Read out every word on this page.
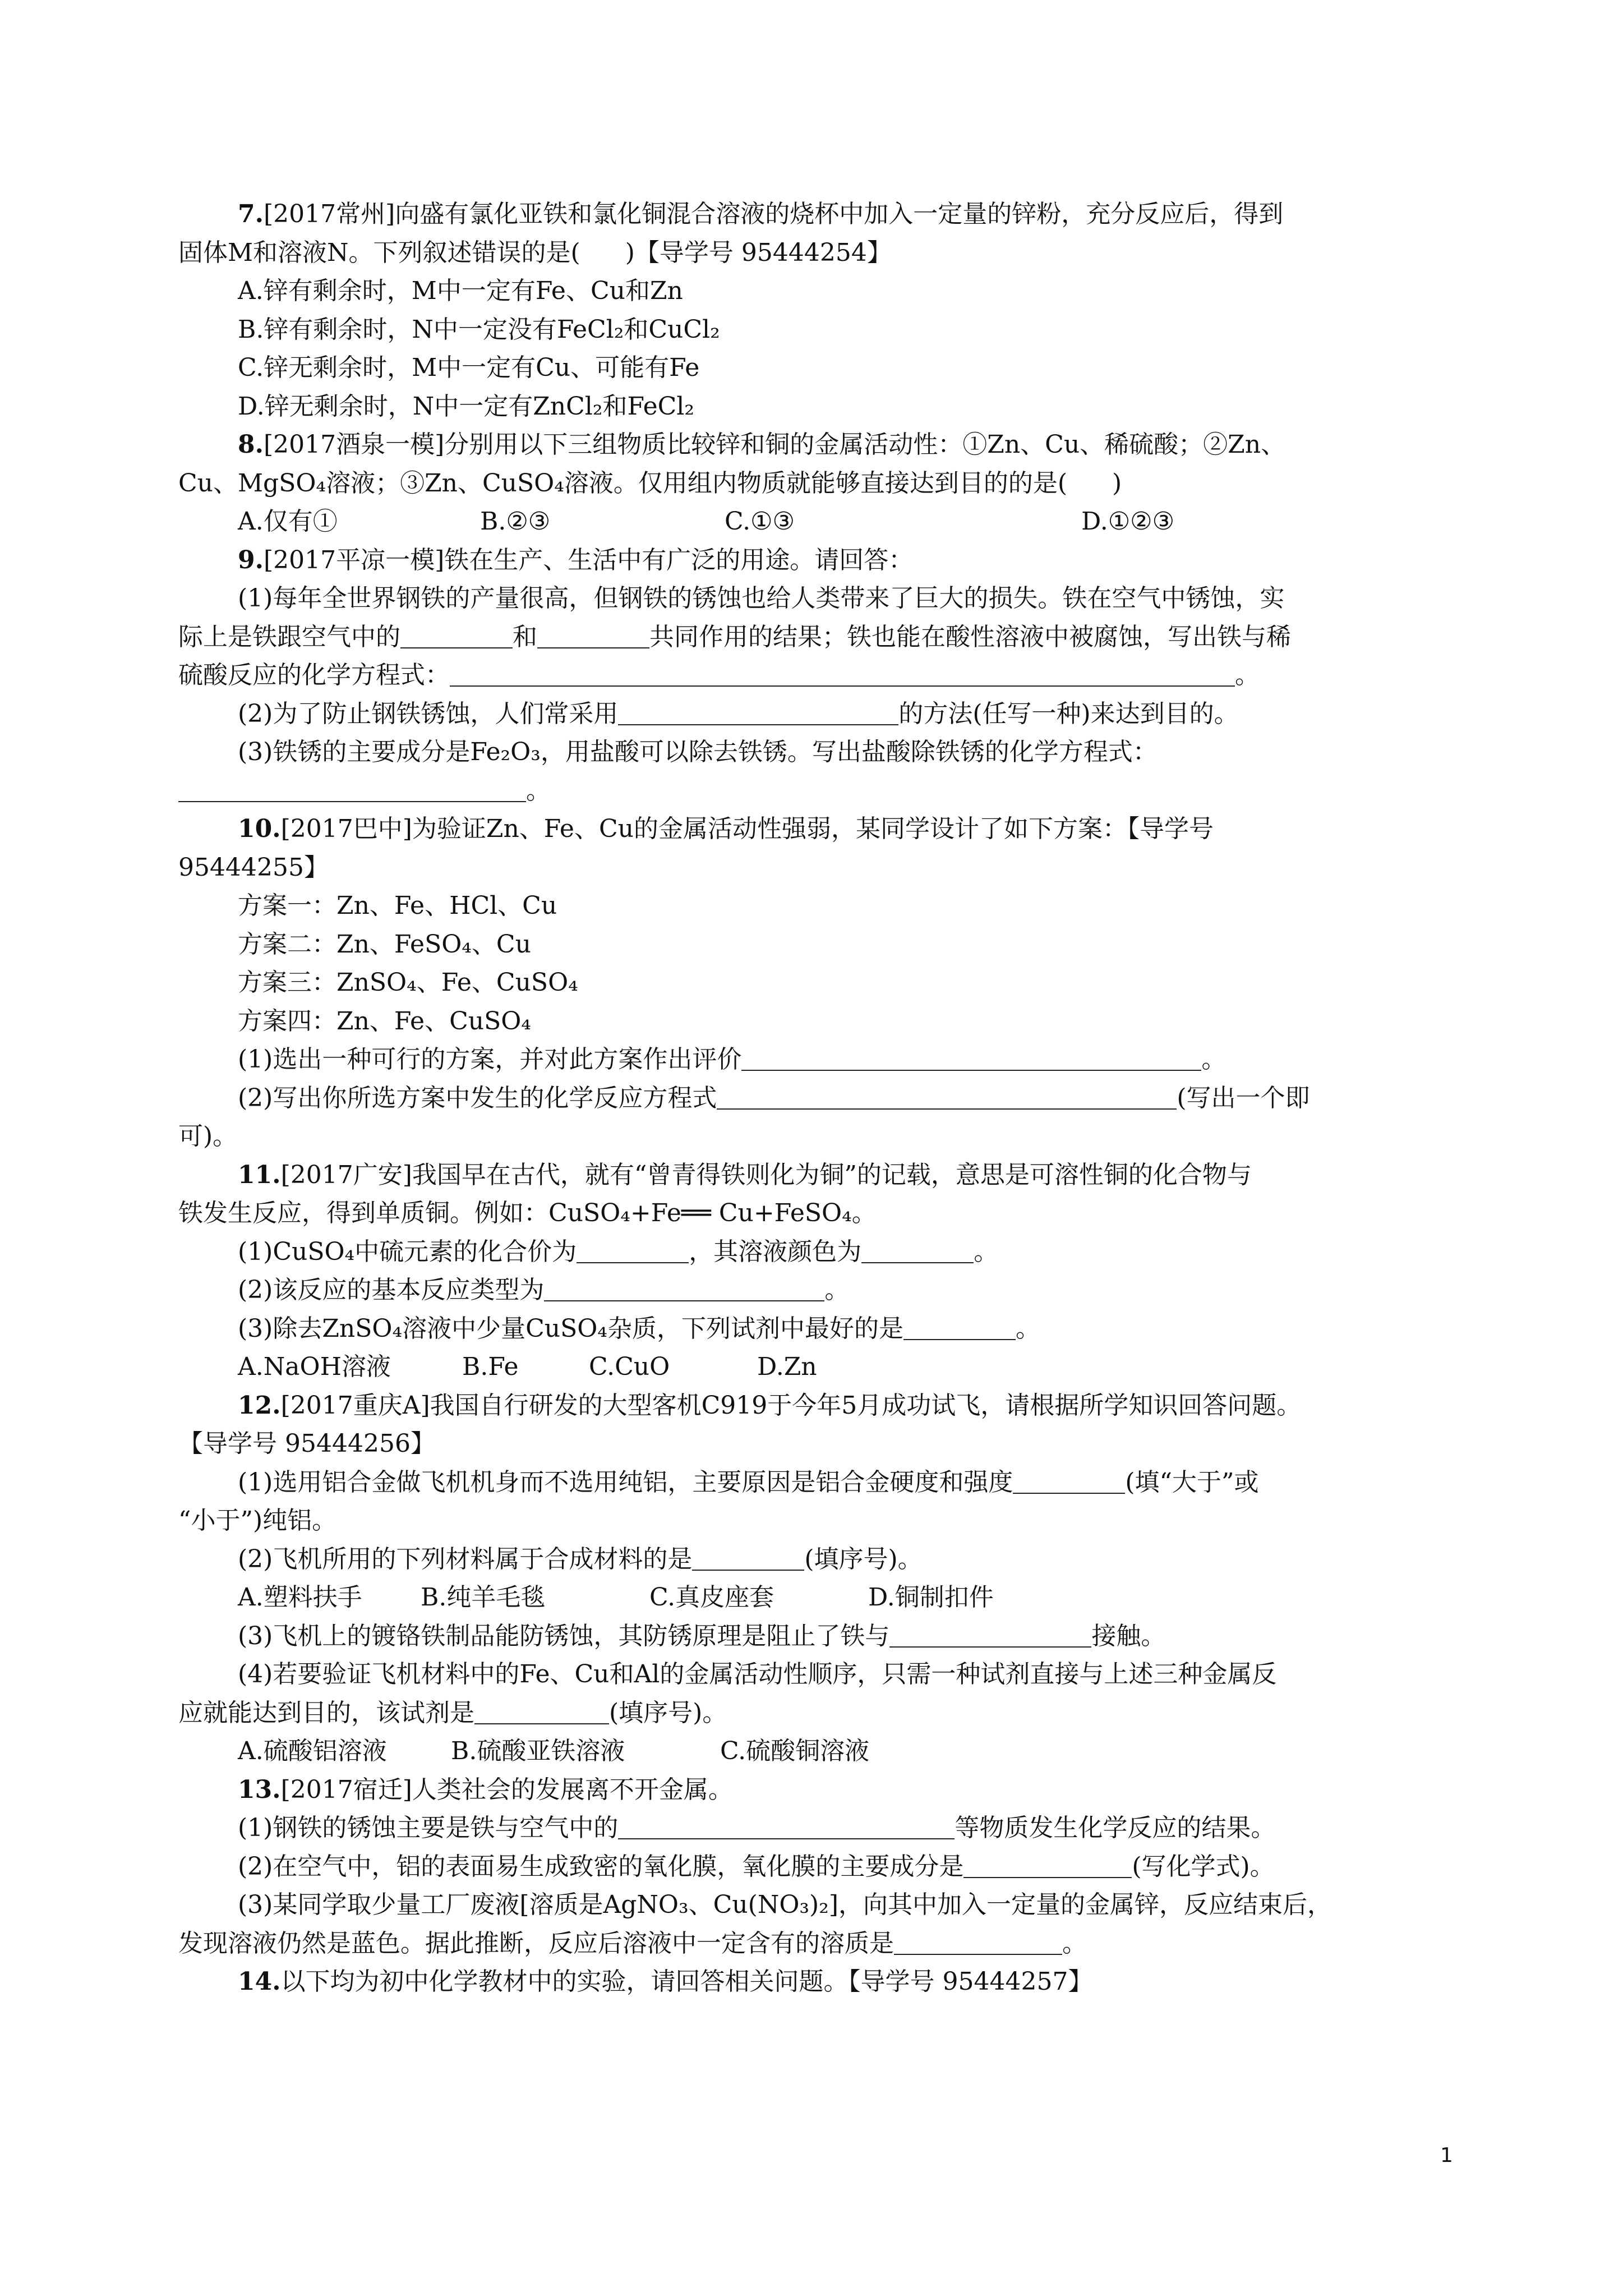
7.[2017常州]向盛有氯化亚铁和氯化铜混合溶液的烧杯中加入一定量的锌粉，充分反应后，得到
固体M和溶液N。下列叙述错误的是( )【导学号 95444254】
A.锌有剩余时，M中一定有Fe、Cu和Zn
B.锌有剩余时，N中一定没有FeCl₂和CuCl₂
C.锌无剩余时，M中一定有Cu、可能有Fe
D.锌无剩余时，N中一定有ZnCl₂和FeCl₂
8.[2017酒泉一模]分别用以下三组物质比较锌和铜的金属活动性：①Zn、Cu、稀硫酸；②Zn、
Cu、MgSO₄溶液；③Zn、CuSO₄溶液。仅用组内物质就能够直接达到目的的是( )
A.仅有①	B.②③	C.①③	D.①②③
9.[2017平凉一模]铁在生产、生活中有广泛的用途。请回答：
(1)每年全世界钢铁的产量很高，但钢铁的锈蚀也给人类带来了巨大的损失。铁在空气中锈蚀，实
际上是铁跟空气中的	和	共同作用的结果；铁也能在酸性溶液中被腐蚀，写出铁与稀
硫酸反应的化学方程式：	。
(2)为了防止钢铁锈蚀，人们常采用	的方法(任写一种)来达到目的。
(3)铁锈的主要成分是Fe₂O₃，用盐酸可以除去铁锈。写出盐酸除铁锈的化学方程式：
。
10.[2017巴中]为验证Zn、Fe、Cu的金属活动性强弱，某同学设计了如下方案：【导学号
95444255】
方案一：Zn、Fe、HCl、Cu
方案二：Zn、FeSO₄、Cu
方案三：ZnSO₄、Fe、CuSO₄
方案四：Zn、Fe、CuSO₄
(1)选出一种可行的方案，并对此方案作出评价	。
(2)写出你所选方案中发生的化学反应方程式	(写出一个即
可)。
11.[2017广安]我国早在古代，就有“曾青得铁则化为铜”的记载，意思是可溶性铜的化合物与
铁发生反应，得到单质铜。例如：CuSO₄+Fe══ Cu+FeSO₄。
(1)CuSO₄中硫元素的化合价为	，其溶液颜色为	。
(2)该反应的基本反应类型为	。
(3)除去ZnSO₄溶液中少量CuSO₄杂质，下列试剂中最好的是	。
A.NaOH溶液	B.Fe	C.CuO	D.Zn
12.[2017重庆A]我国自行研发的大型客机C919于今年5月成功试飞，请根据所学知识回答问题。
【导学号 95444256】
(1)选用铝合金做飞机机身而不选用纯铝，主要原因是铝合金硬度和强度	(填“大于”或
“小于”)纯铝。
(2)飞机所用的下列材料属于合成材料的是	(填序号)。
A.塑料扶手 B.纯羊毛毯	C.真皮座套	D.铜制扣件
(3)飞机上的镀铬铁制品能防锈蚀，其防锈原理是阻止了铁与	接触。
(4)若要验证飞机材料中的Fe、Cu和Al的金属活动性顺序，只需一种试剂直接与上述三种金属反
应就能达到目的，该试剂是	(填序号)。
A.硫酸铝溶液	B.硫酸亚铁溶液	C.硫酸铜溶液
13.[2017宿迁]人类社会的发展离不开金属。
(1)钢铁的锈蚀主要是铁与空气中的	等物质发生化学反应的结果。
(2)在空气中，铝的表面易生成致密的氧化膜，氧化膜的主要成分是	(写化学式)。
(3)某同学取少量工厂废液[溶质是AgNO₃、Cu(NO₃)₂]，向其中加入一定量的金属锌，反应结束后，
发现溶液仍然是蓝色。据此推断，反应后溶液中一定含有的溶质是	。
14.以下均为初中化学教材中的实验，请回答相关问题。【导学号 95444257】
1
